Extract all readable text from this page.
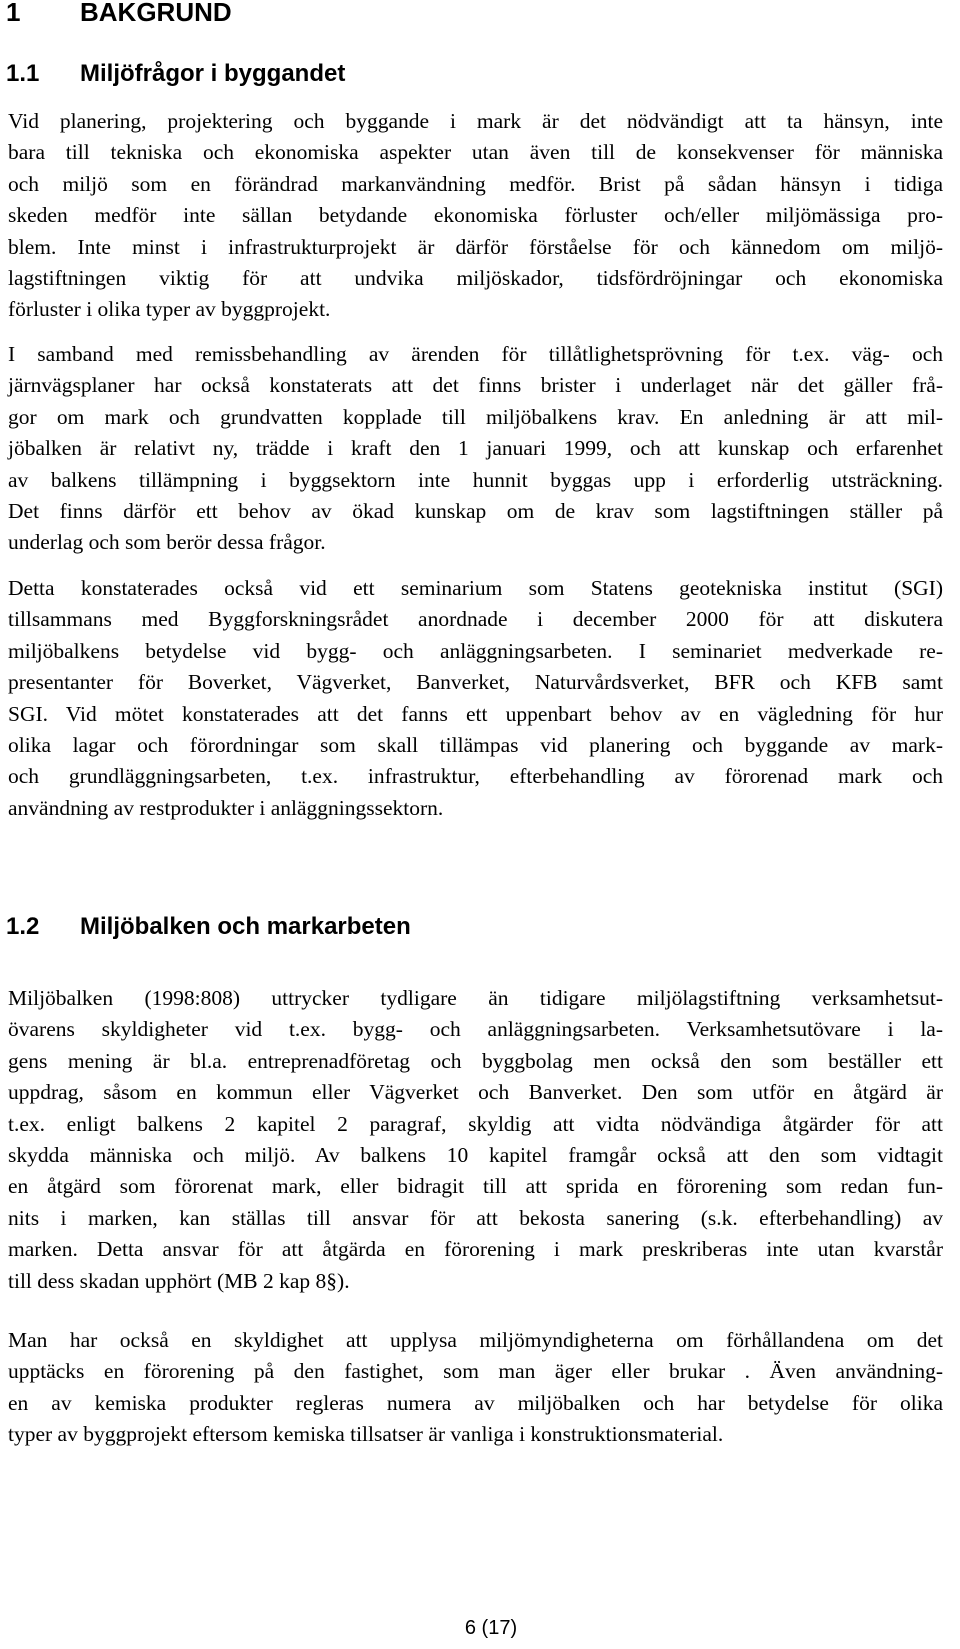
1 BAKGRUND
1.1 Miljöfrågor i byggandet

Vid planering, projektering och byggande i mark är det nödvändigt att ta hänsyn, inte
bara till tekniska och ekonomiska aspekter utan även till de konsekvenser för människa
och miljö som en förändrad markanvändning medför. Brist på sådan hänsyn i tidiga
skeden medför inte sällan betydande ekonomiska förluster och/eller miljömässiga pro-
blem. Inte minst i infrastrukturprojekt är därför förståelse för och kännedom om miljö-
lagstiftningen viktig för att undvika miljöskador, tidsfördröjningar och ekonomiska
förluster i olika typer av byggprojekt.

I samband med remissbehandling av ärenden för tillåtlighetsprövning för t.ex. väg- och
järnvägsplaner har också konstaterats att det finns brister i underlaget när det gäller frå-
gor om mark och grundvatten kopplade till miljöbalkens krav. En anledning är att mil-
jöbalken är relativt ny, trädde i kraft den 1 januari 1999, och att kunskap och erfarenhet
av balkens tillämpning i byggsektorn inte hunnit byggas upp i erforderlig utsträckning.
Det finns därför ett behov av ökad kunskap om de krav som lagstiftningen ställer på
underlag och som berör dessa frågor.

Detta konstaterades också vid ett seminarium som Statens geotekniska institut (SGI)
tillsammans med Byggforskningsrådet anordnade i december 2000 för att diskutera
miljöbalkens betydelse vid bygg- och anläggningsarbeten. I seminariet medverkade re-
presentanter för Boverket, Vägverket, Banverket, Naturvårdsverket, BFR och KFB samt
SGI. Vid mötet konstaterades att det fanns ett uppenbart behov av en vägledning för hur
olika lagar och förordningar som skall tillämpas vid planering och byggande av mark-
och grundläggningsarbeten, t.ex. infrastruktur, efterbehandling av förorenad mark och
användning av restprodukter i anläggningssektorn.

1.2 Miljöbalken och markarbeten

Miljöbalken (1998:808) uttrycker tydligare än tidigare miljölagstiftning verksamhetsut-
övarens skyldigheter vid t.ex. bygg- och anläggningsarbeten. Verksamhetsutövare i la-
gens mening är bl.a. entreprenadföretag och byggbolag men också den som beställer ett
uppdrag, såsom en kommun eller Vägverket och Banverket. Den som utför en åtgärd är
t.ex. enligt balkens 2 kapitel 2 paragraf, skyldig att vidta nödvändiga åtgärder för att
skydda människa och miljö. Av balkens 10 kapitel framgår också att den som vidtagit
en åtgärd som förorenat mark, eller bidragit till att sprida en förorening som redan fun-
nits i marken, kan ställas till ansvar för att bekosta sanering (s.k. efterbehandling) av
marken. Detta ansvar för att åtgärda en förorening i mark preskriberas inte utan kvarstår
till dess skadan upphört (MB 2 kap 8§).

Man har också en skyldighet att upplysa miljömyndigheterna om förhållandena om det
upptäcks en förorening på den fastighet, som man äger eller brukar . Även användning-
en av kemiska produkter regleras numera av miljöbalken och har betydelse för olika
typer av byggprojekt eftersom kemiska tillsatser är vanliga i konstruktionsmaterial.

6 (17)
